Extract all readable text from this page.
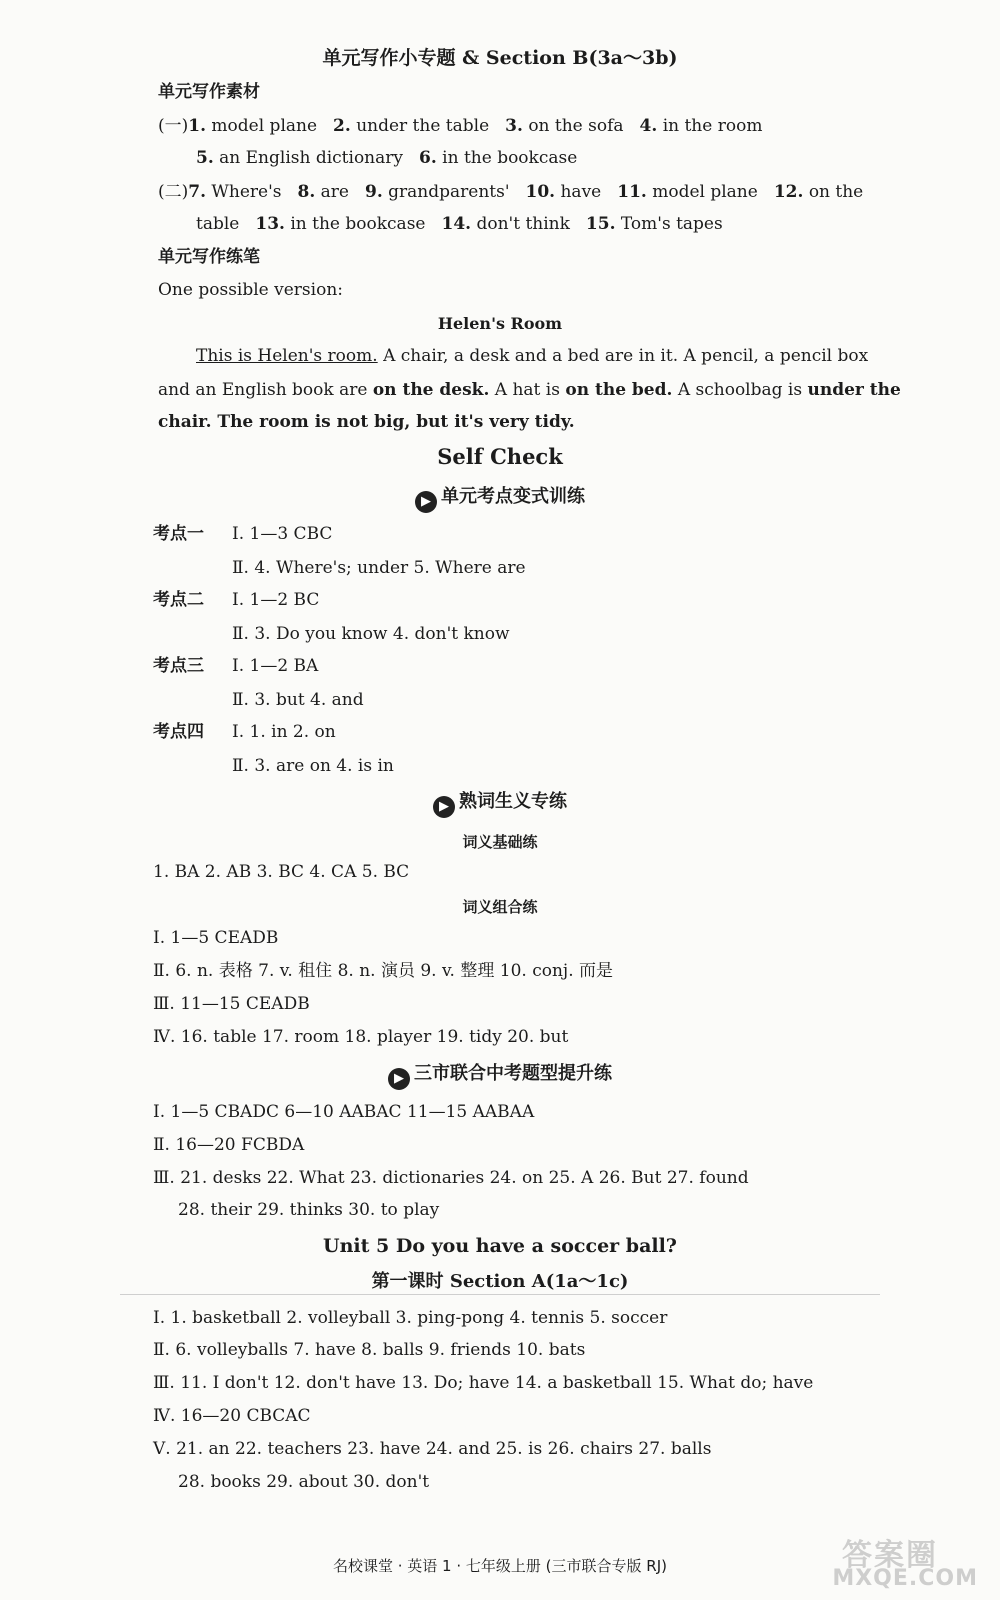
单元写作小专题 & Section B(3a～3b)
单元写作素材
(一)1. model plane 2. under the table 3. on the sofa 4. in the room
5. an English dictionary 6. in the bookcase
(二)7. Where's 8. are 9. grandparents' 10. have 11. model plane 12. on the
table 13. in the bookcase 14. don't think 15. Tom's tapes
单元写作练笔
One possible version:
Helen's Room
This is Helen's room. A chair, a desk and a bed are in it. A pencil, a pencil box
and an English book are on the desk. A hat is on the bed. A schoolbag is under the
chair. The room is not big, but it's very tidy.
Self Check
▶ 单元考点变式训练
考点一 Ⅰ. 1—3 CBC
Ⅱ. 4. Where's; under 5. Where are
考点二 Ⅰ. 1—2 BC
Ⅱ. 3. Do you know 4. don't know
考点三 Ⅰ. 1—2 BA
Ⅱ. 3. but 4. and
考点四 Ⅰ. 1. in 2. on
Ⅱ. 3. are on 4. is in
▶ 熟词生义专练
词义基础练
1. BA 2. AB 3. BC 4. CA 5. BC
词义组合练
Ⅰ. 1—5 CEADB
Ⅱ. 6. n. 表格 7. v. 租住 8. n. 演员 9. v. 整理 10. conj. 而是
Ⅲ. 11—15 CEADB
Ⅳ. 16. table 17. room 18. player 19. tidy 20. but
▶ 三市联合中考题型提升练
Ⅰ. 1—5 CBADC 6—10 AABAC 11—15 AABAA
Ⅱ. 16—20 FCBDA
Ⅲ. 21. desks 22. What 23. dictionaries 24. on 25. A 26. But 27. found
28. their 29. thinks 30. to play
Unit 5 Do you have a soccer ball?
第一课时 Section A(1a～1c)
Ⅰ. 1. basketball 2. volleyball 3. ping-pong 4. tennis 5. soccer
Ⅱ. 6. volleyballs 7. have 8. balls 9. friends 10. bats
Ⅲ. 11. I don't 12. don't have 13. Do; have 14. a basketball 15. What do; have
Ⅳ. 16—20 CBCAC
Ⅴ. 21. an 22. teachers 23. have 24. and 25. is 26. chairs 27. balls
28. books 29. about 30. don't
名校课堂 · 英语 1 · 七年级上册 (三市联合专版 RJ)	答案圈
MXQE.COM
